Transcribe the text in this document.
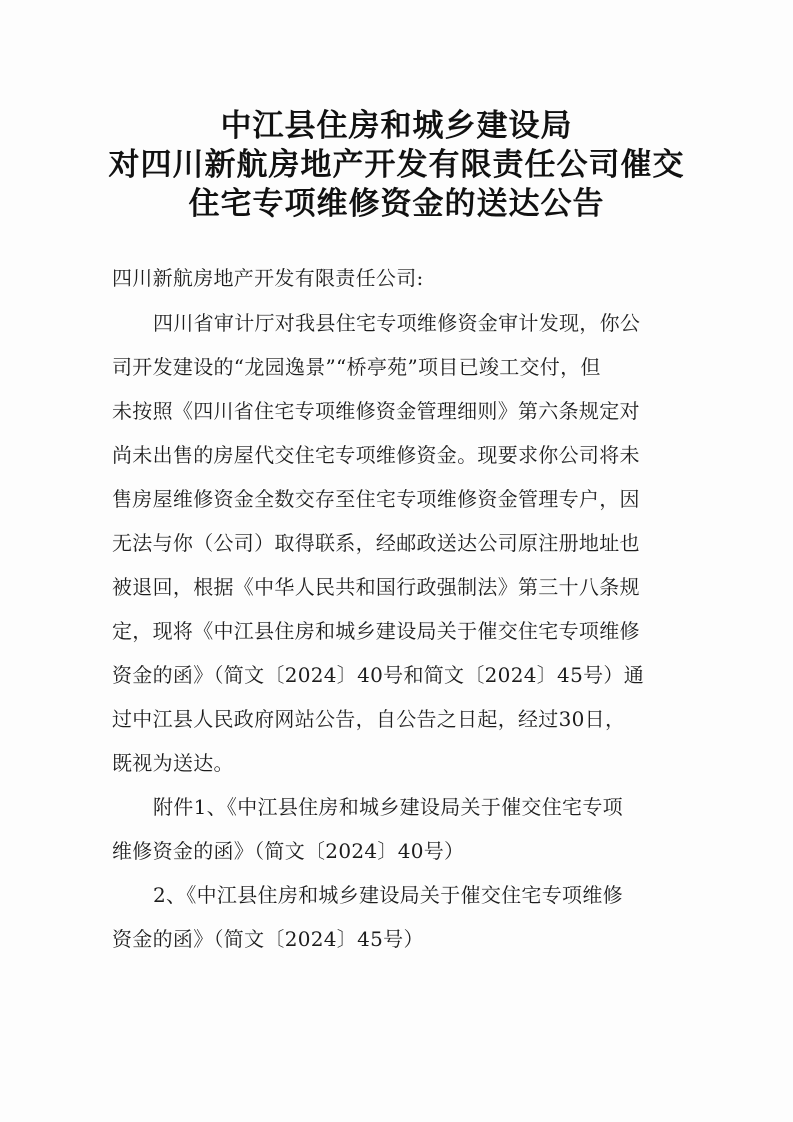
中江县住房和城乡建设局
对四川新航房地产开发有限责任公司催交
住宅专项维修资金的送达公告
四川新航房地产开发有限责任公司:
四川省审计厅对我县住宅专项维修资金审计发现，你公
司开发建设的“龙园逸景”“桥亭苑”项目已竣工交付，但
未按照《四川省住宅专项维修资金管理细则》第六条规定对
尚未出售的房屋代交住宅专项维修资金。现要求你公司将未
售房屋维修资金全数交存至住宅专项维修资金管理专户，因
无法与你（公司）取得联系，经邮政送达公司原注册地址也
被退回，根据《中华人民共和国行政强制法》第三十八条规
定，现将《中江县住房和城乡建设局关于催交住宅专项维修
资金的函》（简文〔2024〕40号和简文〔2024〕45号）通
过中江县人民政府网站公告，自公告之日起，经过30日，
既视为送达。
附件1、《中江县住房和城乡建设局关于催交住宅专项
维修资金的函》（简文〔2024〕40号）
2、《中江县住房和城乡建设局关于催交住宅专项维修
资金的函》（简文〔2024〕45号）
